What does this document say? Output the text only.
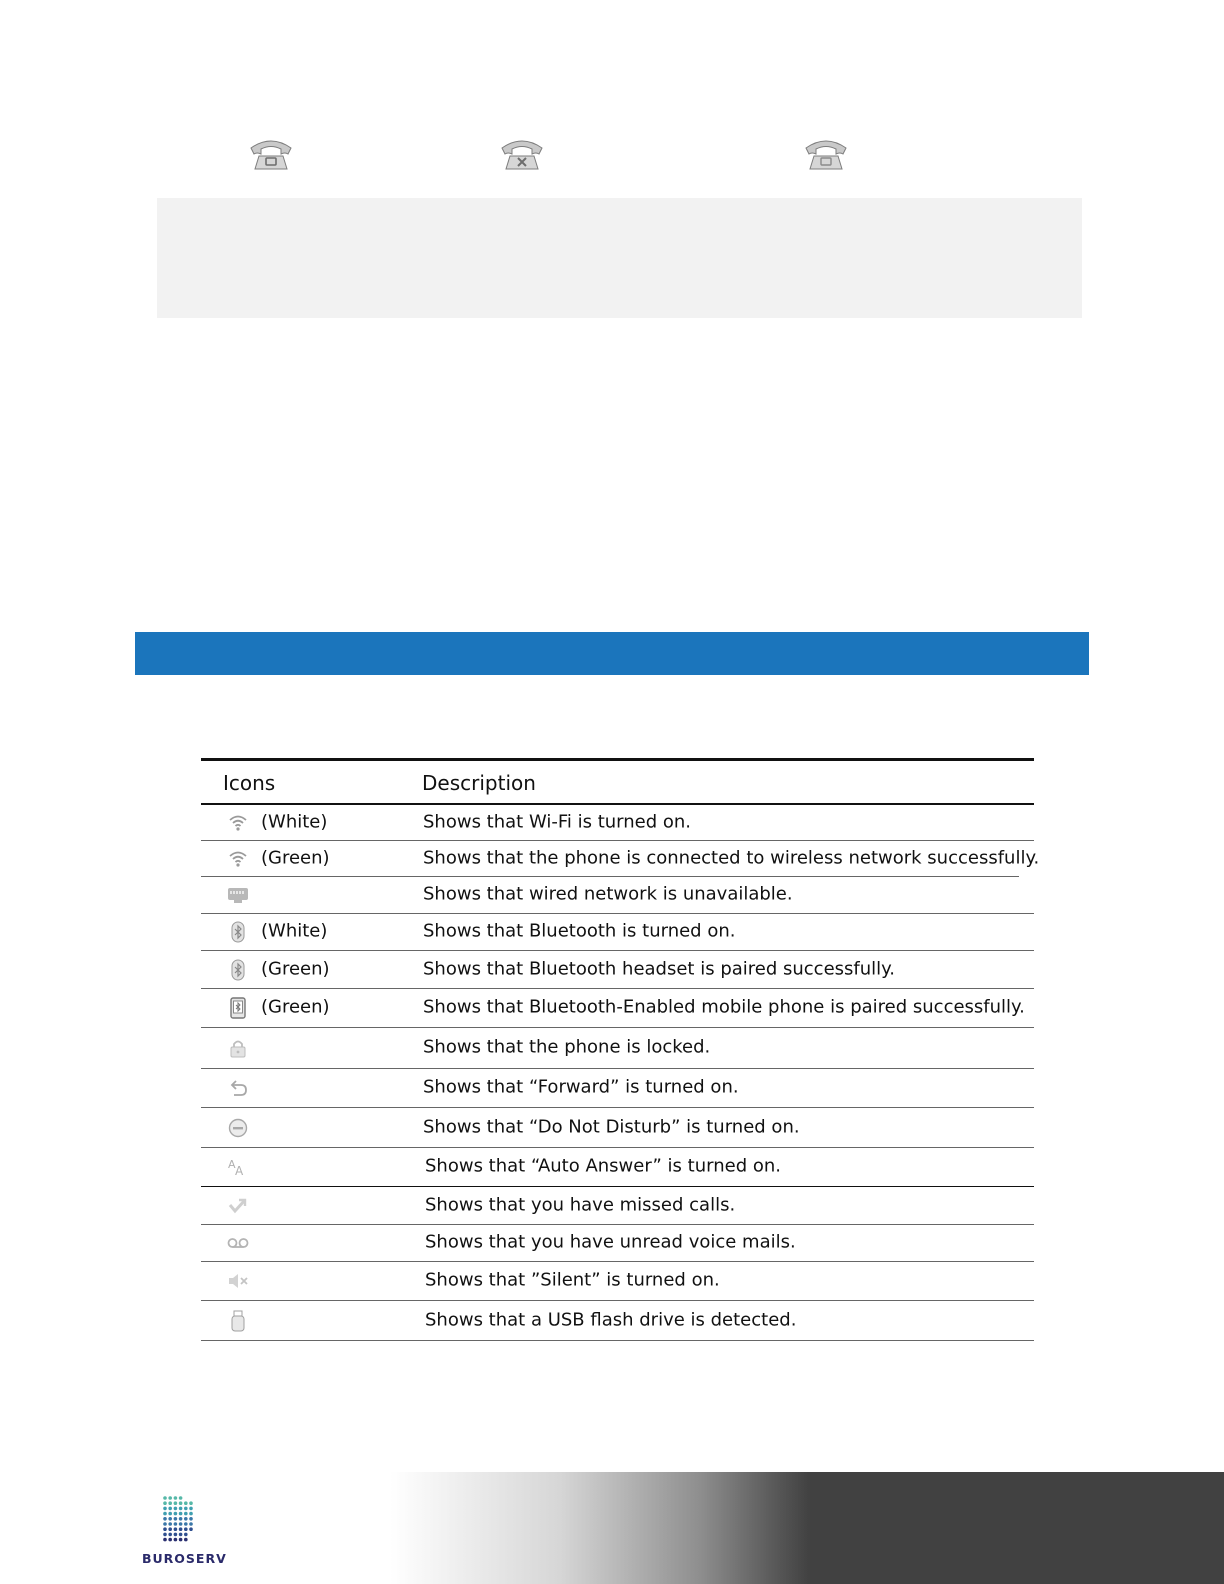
Icons	Description
(White)	Shows that Wi-Fi is turned on.
(Green)	Shows that the phone is connected to wireless network successfully.
Shows that wired network is unavailable.
(White)	Shows that Bluetooth is turned on.
(Green)	Shows that Bluetooth headset is paired successfully.
(Green)	Shows that Bluetooth-Enabled mobile phone is paired successfully.
Shows that the phone is locked.
Shows that “Forward” is turned on.
Shows that “Do Not Disturb” is turned on.
A A	Shows that “Auto Answer” is turned on.
Shows that you have missed calls.
Shows that you have unread voice mails.
Shows that ”Silent” is turned on.
Shows that a USB flash drive is detected.
BUROSERV
